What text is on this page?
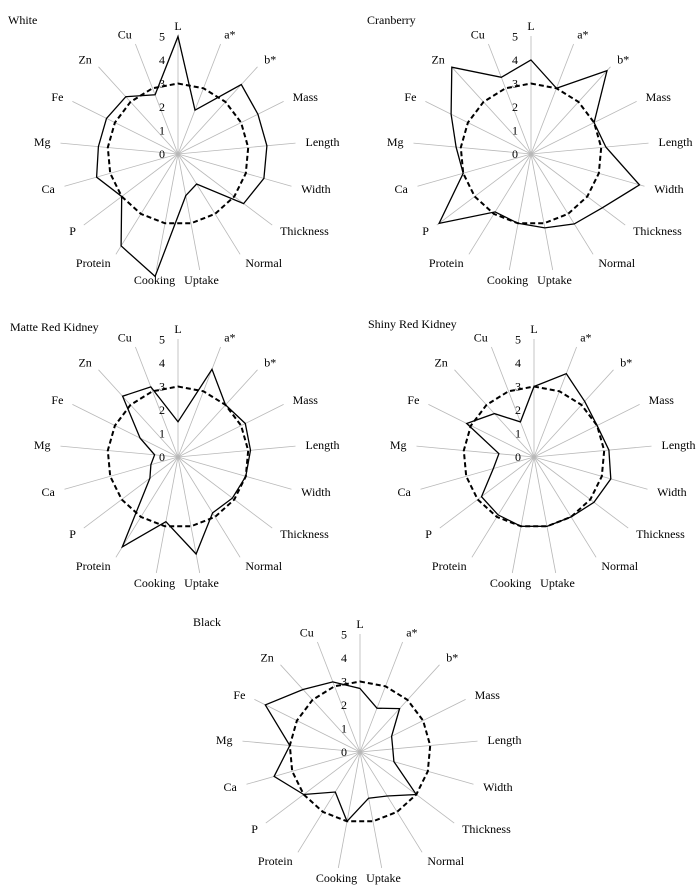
White	L
a*
b*
Mass
Length
Width
Thickness
Normal
Uptake
Cooking
Protein
P
Ca
Mg
Fe
Zn
Cu
0
1
2
3
4
5
Cranberry	L
a*
b*
Mass
Length
Width
Thickness
Normal
Uptake
Cooking
Protein
P
Ca
Mg
Fe
Zn
Cu
0
1
2
3
4
5
Matte Red Kidney	L
a*
b*
Mass
Length
Width
Thickness
Normal
Uptake
Cooking
Protein
P
Ca
Mg
Fe
Zn
Cu
0
1
2
3
4
5
Shiny Red Kidney	L
a*
b*
Mass
Length
Width
Thickness
Normal
Uptake
Cooking
Protein
P
Ca
Mg
Fe
Zn
Cu
0
1
2
3
4
5
Black	L
a*
b*
Mass
Length
Width
Thickness
Normal
Uptake
Cooking
Protein
P
Ca
Mg
Fe
Zn
Cu
0
1
2
3
4
5
